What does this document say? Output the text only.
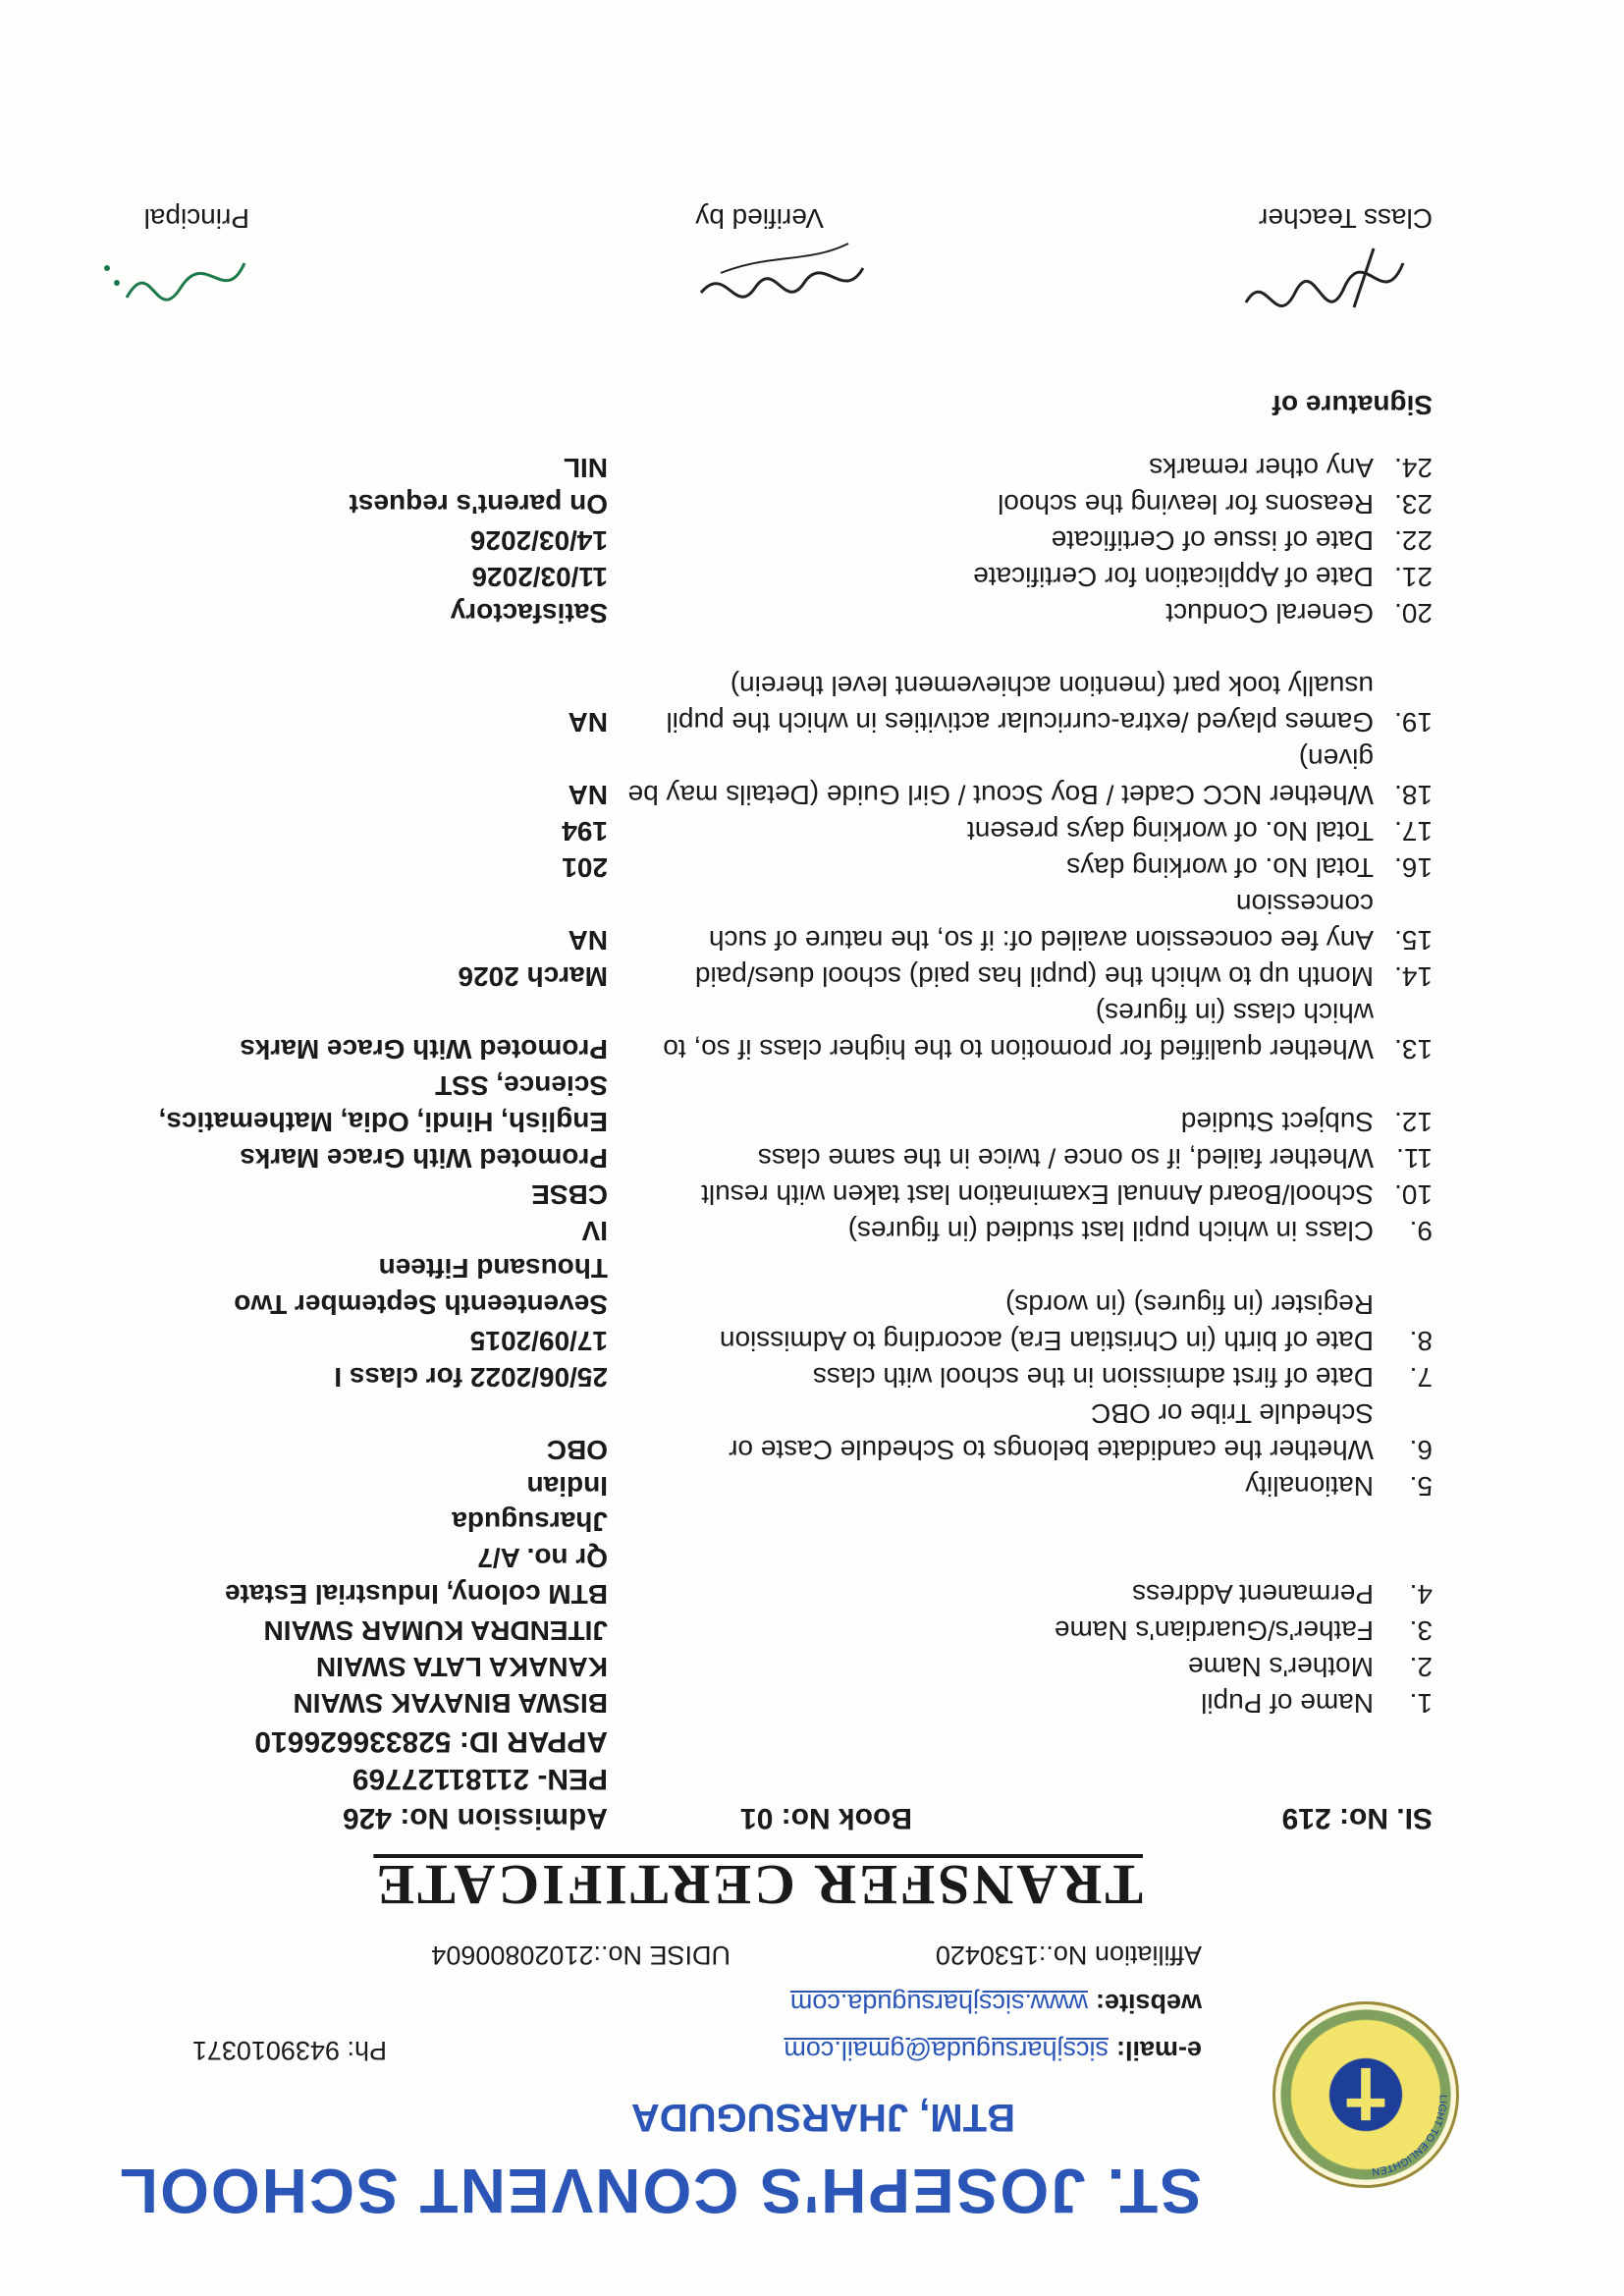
LIGHT TO ENLIGHTEN
ST. JOSEPH'S CONVENT SCHOOL
BTM, JHARSUGUDA
e-mail:sicsjharsuguda@gmail.com
Ph: 9439010371
website:www.sicsjharsuguda.com
Affiliation No.:1530420
UDISE No.:21020800604
TRANSFER CERTIFICATE
SI. No: 219
Book No: 01
Admission No: 426
PEN- 21181127769
APPAR ID: 528336626610
1.
Name of Pupil
BISWA BINAYAK SWAIN
2.
Mother's Name
KANAKA LATA SWAIN
3.
Father's/Guardian's Name
JITENDRA KUMAR SWAIN
4.
Permanent Address
BTM colony, Industrial Estate
Qr no. A/7
Jharsuguda
5.
Nationality
Indian
6.
Whether the candidate belongs to Schedule Caste or Schedule Tribe or OBC
OBC
7.
Date of first admission in the school with class
25/06/2022 for class I
8.
Date of birth (in Christian Era) according to Admission Register (in figures) (in words)
17/09/2015
Seventeenth September Two Thousand Fifteen
9.
Class in which pupil last studied (in figures)
IV
10.
School/Board Annual Examination last taken with result
CBSE
11.
Whether failed, if so once / twice in the same class
Promoted With Grace Marks
12.
Subject Studied
English, Hindi, Odia, Mathematics, Science, SST
13.
Whether qualified for promotion to the higher class if so, to which class (in figures)
Promoted With Grace Marks
14.
Month up to which the (pupil has paid) school dues/paid
March 2026
15.
Any fee concession availed of: if so, the nature of such concession
NA
16.
Total No. of working days
201
17.
Total No. of working days present
194
18.
Whether NCC Cadet / Boy Scout / Girl Guide (Details may be given)
NA
19.
Games played /extra-curricular activities in which the pupil usually took part (mention achievement level therein)
NA
20.
General Conduct
Satisfactory
21.
Date of Application for Certificate
11/03/2026
22.
Date of issue of Certificate
14/03/2026
23.
Reasons for leaving the school
On parent's request
24.
Any other remarks
NIL
Signature of
Class Teacher
Verified by
Principal
